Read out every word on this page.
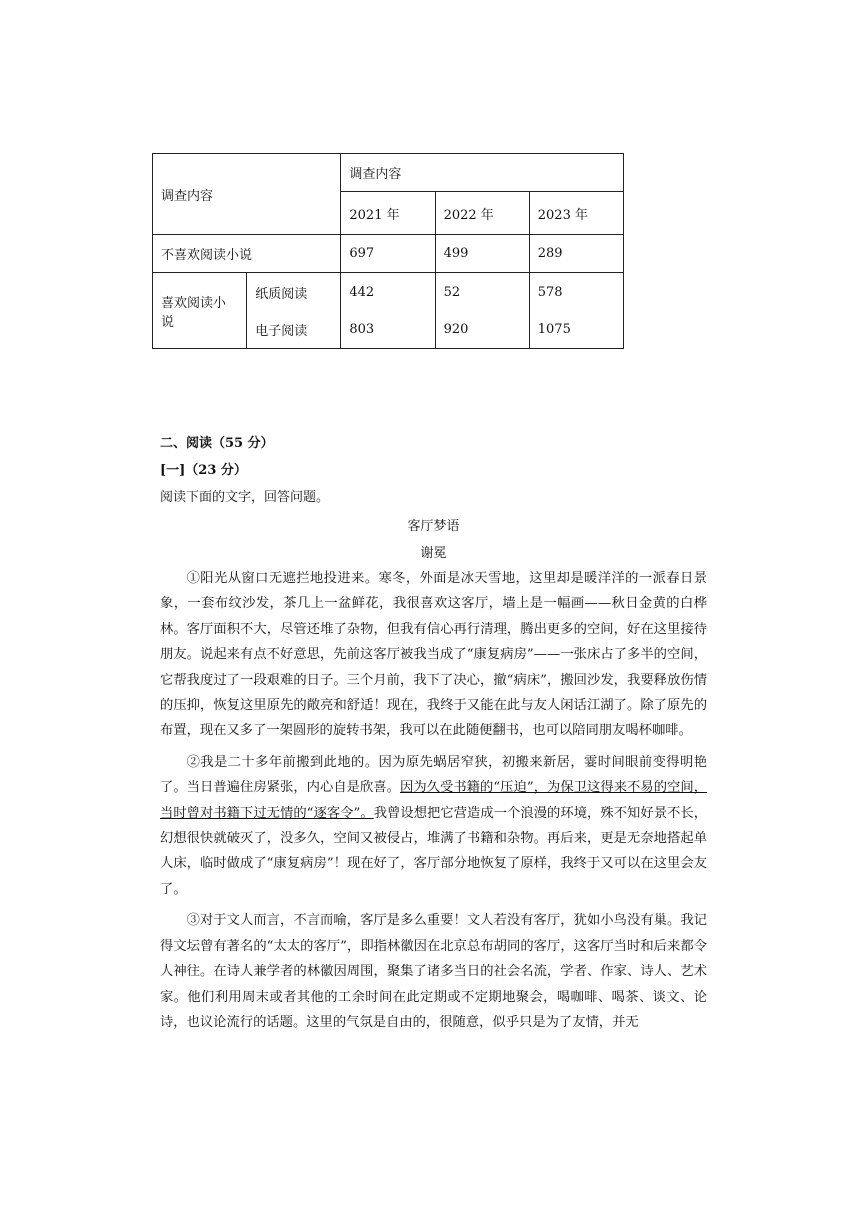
调查内容		调查内容		
		2021 年	2022 年	2023 年
不喜欢阅读小说		697	499	289
喜欢阅读小说	纸质阅读	442	52	578
	电子阅读	803	920	1075
二、阅读（55 分）
[一]（23 分）
阅读下面的文字，回答问题。
客厅梦语
谢冕

①阳光从窗口无遮拦地投进来。寒冬，外面是冰天雪地，这里却是暖洋洋的一派春日景象，一套布纹沙发，茶几上一盆鲜花，我很喜欢这客厅，墙上是一幅画——秋日金黄的白桦林。客厅面积不大，尽管还堆了杂物，但我有信心再行清理，腾出更多的空间，好在这里接待朋友。说起来有点不好意思，先前这客厅被我当成了“康复病房”——一张床占了多半的空间，它帮我度过了一段艰难的日子。三个月前，我下了决心，撤“病床”，搬回沙发，我要释放伤情的压抑，恢复这里原先的敞亮和舒适！现在，我终于又能在此与友人闲话江湖了。除了原先的布置，现在又多了一架圆形的旋转书架，我可以在此随便翻书，也可以陪同朋友喝杯咖啡。

②我是二十多年前搬到此地的。因为原先蜗居窄狭，初搬来新居，霎时间眼前变得明艳了。当日普遍住房紧张，内心自是欣喜。因为久受书籍的“压迫”，为保卫这得来不易的空间，当时曾对书籍下过无情的“逐客令”。我曾设想把它营造成一个浪漫的环境，殊不知好景不长，幻想很快就破灭了，没多久，空间又被侵占，堆满了书籍和杂物。再后来，更是无奈地搭起单人床，临时做成了“康复病房”！现在好了，客厅部分地恢复了原样，我终于又可以在这里会友了。

③对于文人而言，不言而喻，客厅是多么重要！文人若没有客厅，犹如小鸟没有巢。我记得文坛曾有著名的“太太的客厅”，即指林徽因在北京总布胡同的客厅，这客厅当时和后来都令人神往。在诗人兼学者的林徽因周围，聚集了诸多当日的社会名流，学者、作家、诗人、艺术家。他们利用周末或者其他的工余时间在此定期或不定期地聚会，喝咖啡、喝茶、谈文、论诗，也议论流行的话题。这里的气氛是自由的，很随意，似乎只是为了友情，并无
